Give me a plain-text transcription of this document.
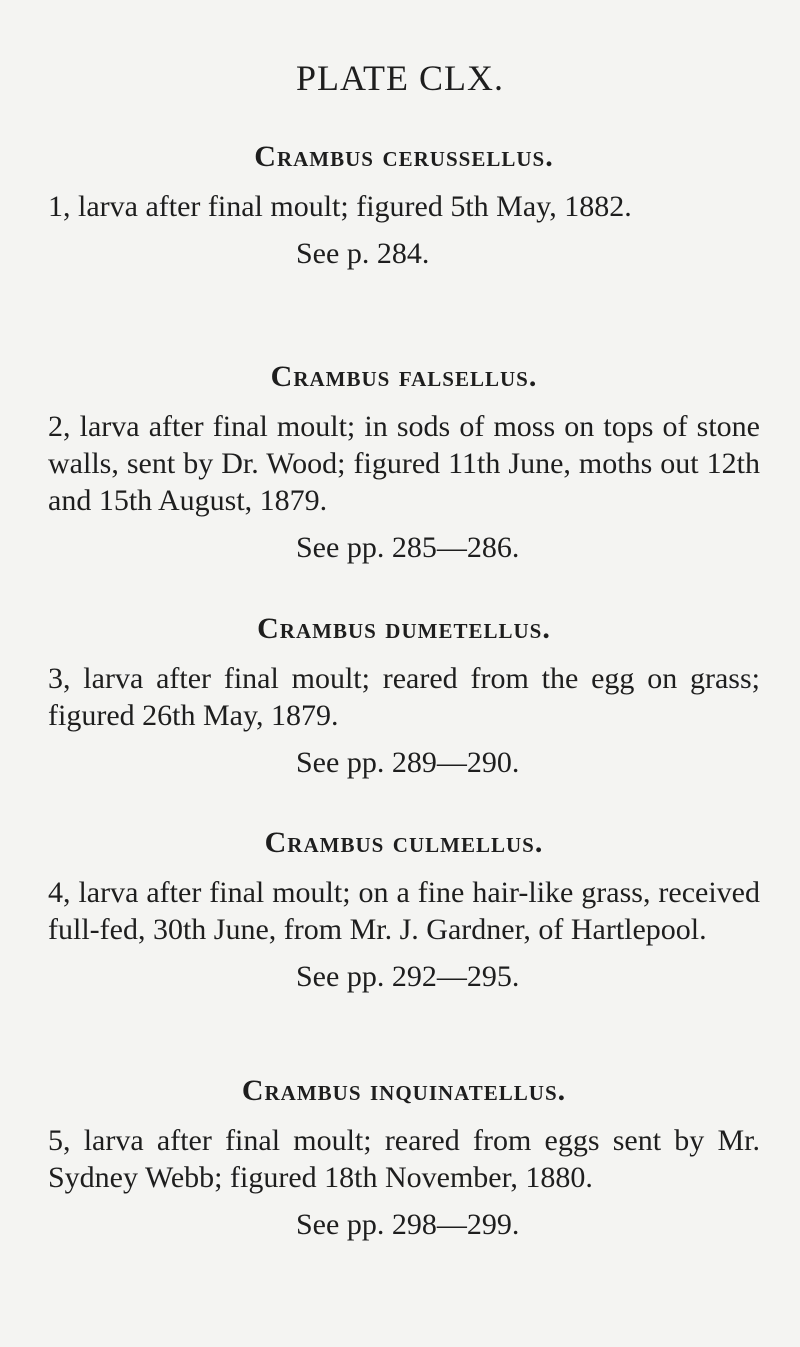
PLATE CLX.
Crambus cerussellus.

1, larva after final moult; figured 5th May, 1882.

See p. 284.

Crambus falsellus.

2, larva after final moult; in sods of moss on tops of stone walls, sent by Dr. Wood; figured 11th June, moths out 12th and 15th August, 1879.

See pp. 285—286.

Crambus dumetellus.

3, larva after final moult; reared from the egg on grass; figured 26th May, 1879.

See pp. 289—290.

Crambus culmellus.

4, larva after final moult; on a fine hair-like grass, received full-fed, 30th June, from Mr. J. Gardner, of Hartlepool.

See pp. 292—295.

Crambus inquinatellus.

5, larva after final moult; reared from eggs sent by Mr. Sydney Webb; figured 18th November, 1880.

See pp. 298—299.
